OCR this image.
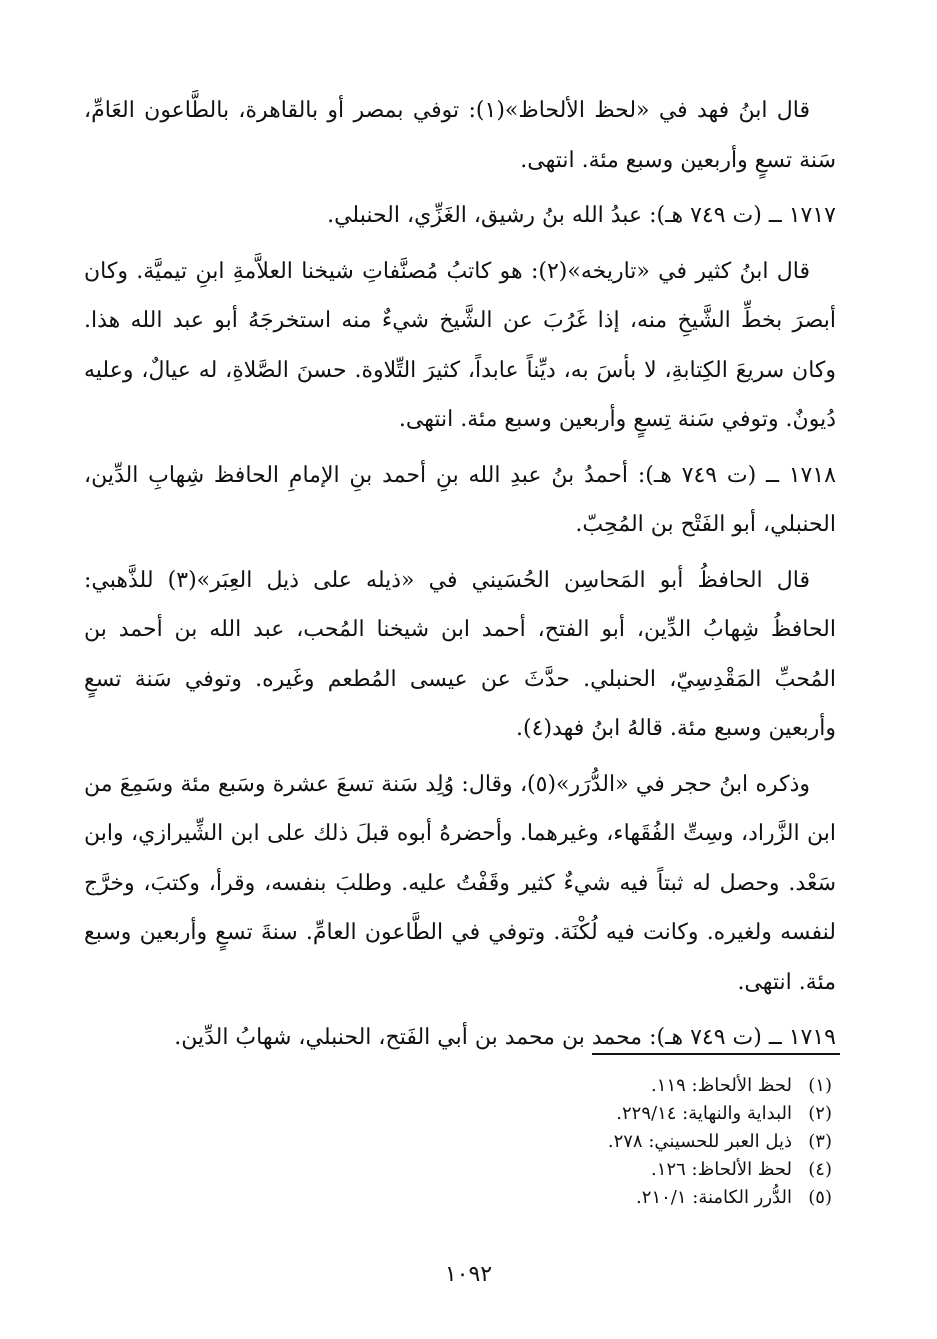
قال ابنُ فهد في «لحظ الألحاظ»(١): توفي بمصر أو بالقاهرة، بالطَّاعون العَامِّ، سَنة تسعٍ وأربعين وسبع مئة. انتهى.

١٧١٧ ــ (ت ٧٤٩ هـ): عبدُ الله بنُ رشيق، الغَزِّي، الحنبلي.

قال ابنُ كثير في «تاريخه»(٢): هو كاتبُ مُصنَّفاتِ شيخنا العلاَّمةِ ابنِ تيميَّة. وكان أبصرَ بخطِّ الشَّيخِ منه، إذا غَرُبَ عن الشَّيخ شيءٌ منه استخرجَهُ أبو عبد الله هذا. وكان سريعَ الكِتابةِ، لا بأسَ به، ديِّناً عابداً، كثيرَ التِّلاوة. حسنَ الصَّلاةِ، له عيالٌ، وعليه دُيونٌ. وتوفي سَنة تِسعٍ وأربعين وسبع مئة. انتهى.

١٧١٨ ــ (ت ٧٤٩ هـ): أحمدُ بنُ عبدِ الله بنِ أحمد بنِ الإمامِ الحافظ شِهابِ الدِّين، الحنبلي، أبو الفَتْح بن المُحِبّ.

قال الحافظُ أبو المَحاسِن الحُسَيني في «ذيله على ذيل العِبَر»(٣) للذَّهبي: الحافظُ شِهابُ الدِّين، أبو الفتح، أحمد ابن شيخنا المُحب، عبد الله بن أحمد بن المُحبِّ المَقْدِسِيّ، الحنبلي. حدَّثَ عن عيسى المُطعم وغَيره. وتوفي سَنة تسعٍ وأربعين وسبع مئة. قالهُ ابنُ فهد(٤).

وذكره ابنُ حجر في «الدُّرَر»(٥)، وقال: وُلِد سَنة تسعَ عشرة وسَبع مئة وسَمِعَ من ابن الزَّراد، وسِتِّ الفُقَهاء، وغيرهما. وأحضرهُ أبوه قبلَ ذلك على ابن الشِّيرازي، وابن سَعْد. وحصل له ثبتاً فيه شيءٌ كثير وقَفْتُ عليه. وطلبَ بنفسه، وقرأ، وكتبَ، وخرَّج لنفسه ولغيره. وكانت فيه لُكْنَة. وتوفي في الطَّاعون العامِّ. سنةَ تسعٍ وأربعين وسبع مئة. انتهى.

١٧١٩ ــ (ت ٧٤٩ هـ): محمد بن محمد بن أبي الفَتح، الحنبلي، شهابُ الدِّين.

(١)
لحظ الألحاظ: ١١٩.
(٢)
البداية والنهاية: ٢٢٩/١٤.
(٣)
ذيل العبر للحسيني: ٢٧٨.
(٤)
لحظ الألحاظ: ١٢٦.
(٥)
الدُّرر الكامنة: ٢١٠/١.
١٠٩٢
